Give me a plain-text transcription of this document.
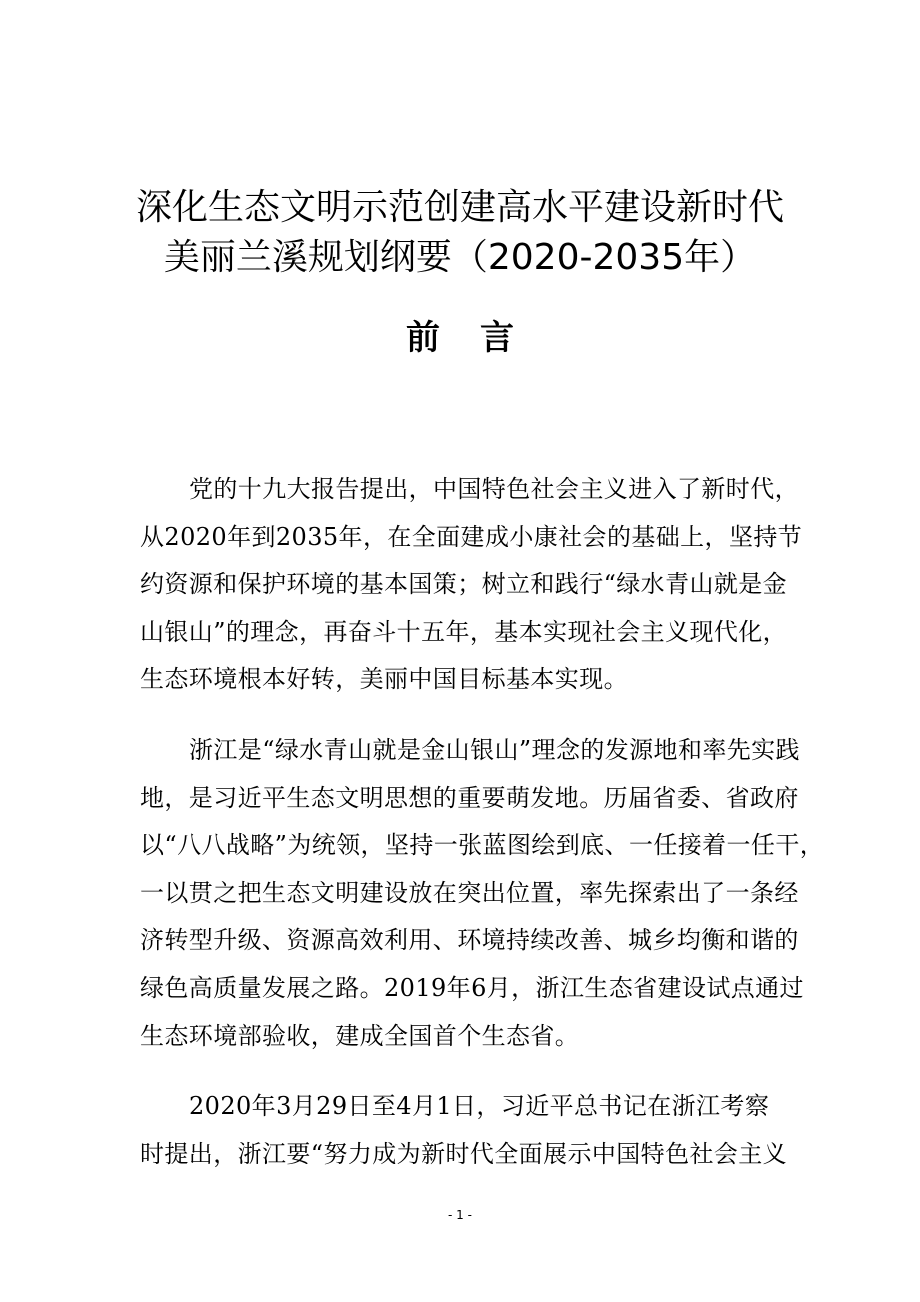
深化生态文明示范创建高水平建设新时代
美丽兰溪规划纲要（2020-2035年）
前言
党的十九大报告提出，中国特色社会主义进入了新时代，
从2020年到2035年，在全面建成小康社会的基础上，坚持节
约资源和保护环境的基本国策；树立和践行“绿水青山就是金
山银山”的理念，再奋斗十五年，基本实现社会主义现代化，
生态环境根本好转，美丽中国目标基本实现。
浙江是“绿水青山就是金山银山”理念的发源地和率先实践
地，是习近平生态文明思想的重要萌发地。历届省委、省政府
以“八八战略”为统领，坚持一张蓝图绘到底、一任接着一任干，
一以贯之把生态文明建设放在突出位置，率先探索出了一条经
济转型升级、资源高效利用、环境持续改善、城乡均衡和谐的
绿色高质量发展之路。2019年6月，浙江生态省建设试点通过
生态环境部验收，建成全国首个生态省。
2020年3月29日至4月1日，习近平总书记在浙江考察
时提出，浙江要“努力成为新时代全面展示中国特色社会主义
- 1 -
